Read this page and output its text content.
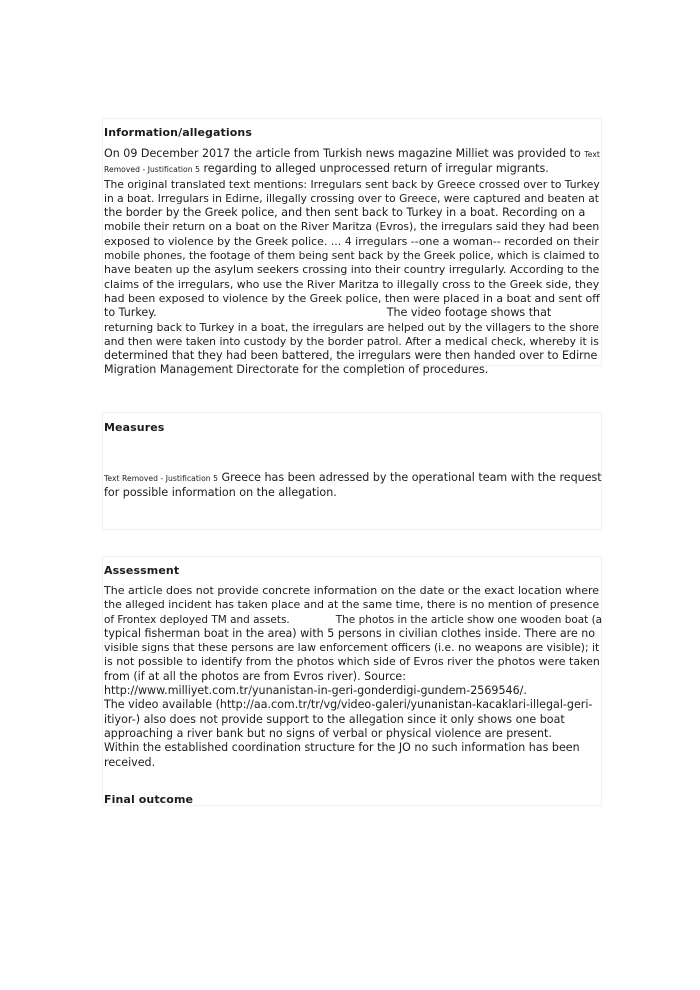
Information/allegations
On 09 December 2017 the article from Turkish news magazine Milliet was provided to Text
Removed - Justification 5 regarding to alleged unprocessed return of irregular migrants.
The original translated text mentions: Irregulars sent back by Greece crossed over to Turkey
in a boat. Irregulars in Edirne, illegally crossing over to Greece, were captured and beaten at
the border by the Greek police, and then sent back to Turkey in a boat. Recording on a
mobile their return on a boat on the River Maritza (Evros), the irregulars said they had been
exposed to violence by the Greek police. ... 4 irregulars --one a woman-- recorded on their
mobile phones, the footage of them being sent back by the Greek police, which is claimed to
have beaten up the asylum seekers crossing into their country irregularly. According to the
claims of the irregulars, who use the River Maritza to illegally cross to the Greek side, they
had been exposed to violence by the Greek police, then were placed in a boat and sent off
to Turkey.	The video footage shows that
returning back to Turkey in a boat, the irregulars are helped out by the villagers to the shore
and then were taken into custody by the border patrol. After a medical check, whereby it is
determined that they had been battered, the irregulars were then handed over to Edirne
Migration Management Directorate for the completion of procedures.
Measures
Text Removed - Justification 5 Greece has been adressed by the operational team with the request
for possible information on the allegation.
Assessment
The article does not provide concrete information on the date or the exact location where
the alleged incident has taken place and at the same time, there is no mention of presence
of Frontex deployed TM and assets.	The photos in the article show one wooden boat (a
typical fisherman boat in the area) with 5 persons in civilian clothes inside. There are no
visible signs that these persons are law enforcement officers (i.e. no weapons are visible); it
is not possible to identify from the photos which side of Evros river the photos were taken
from (if at all the photos are from Evros river). Source:
http://www.milliyet.com.tr/yunanistan-in-geri-gonderdigi-gundem-2569546/.
The video available (http://aa.com.tr/tr/vg/video-galeri/yunanistan-kacaklari-illegal-geri-
itiyor-) also does not provide support to the allegation since it only shows one boat
approaching a river bank but no signs of verbal or physical violence are present.
Within the established coordination structure for the JO no such information has been
received.
Final outcome
